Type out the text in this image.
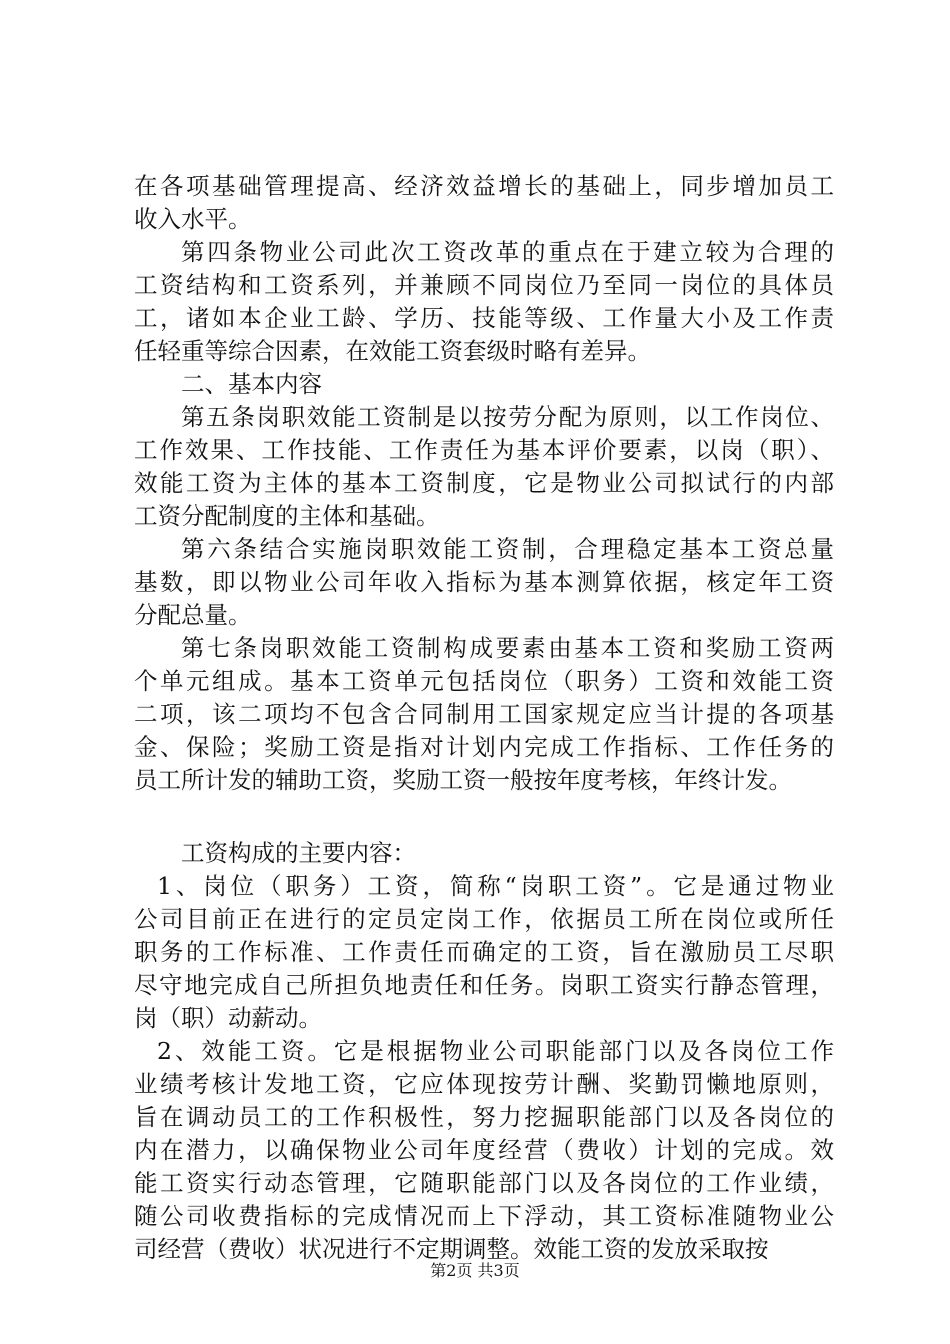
在各项基础管理提高、经济效益增长的基础上，同步增加员工
收入水平。
第四条物业公司此次工资改革的重点在于建立较为合理的
工资结构和工资系列，并兼顾不同岗位乃至同一岗位的具体员
工，诸如本企业工龄、学历、技能等级、工作量大小及工作责
任轻重等综合因素，在效能工资套级时略有差异。
二、基本内容
第五条岗职效能工资制是以按劳分配为原则，以工作岗位、
工作效果、工作技能、工作责任为基本评价要素，以岗（职）、
效能工资为主体的基本工资制度，它是物业公司拟试行的内部
工资分配制度的主体和基础。
第六条结合实施岗职效能工资制，合理稳定基本工资总量
基数，即以物业公司年收入指标为基本测算依据，核定年工资
分配总量。
第七条岗职效能工资制构成要素由基本工资和奖励工资两
个单元组成。基本工资单元包括岗位（职务）工资和效能工资
二项，该二项均不包含合同制用工国家规定应当计提的各项基
金、保险；奖励工资是指对计划内完成工作指标、工作任务的
员工所计发的辅助工资，奖励工资一般按年度考核，年终计发。
工资构成的主要内容：
1、岗位（职务）工资，简称“岗职工资”。它是通过物业
公司目前正在进行的定员定岗工作，依据员工所在岗位或所任
职务的工作标准、工作责任而确定的工资，旨在激励员工尽职
尽守地完成自己所担负地责任和任务。岗职工资实行静态管理，
岗（职）动薪动。
2、效能工资。它是根据物业公司职能部门以及各岗位工作
业绩考核计发地工资，它应体现按劳计酬、奖勤罚懒地原则，
旨在调动员工的工作积极性，努力挖掘职能部门以及各岗位的
内在潜力，以确保物业公司年度经营（费收）计划的完成。效
能工资实行动态管理，它随职能部门以及各岗位的工作业绩，
随公司收费指标的完成情况而上下浮动，其工资标准随物业公
司经营（费收）状况进行不定期调整。效能工资的发放采取按
第2页 共3页
